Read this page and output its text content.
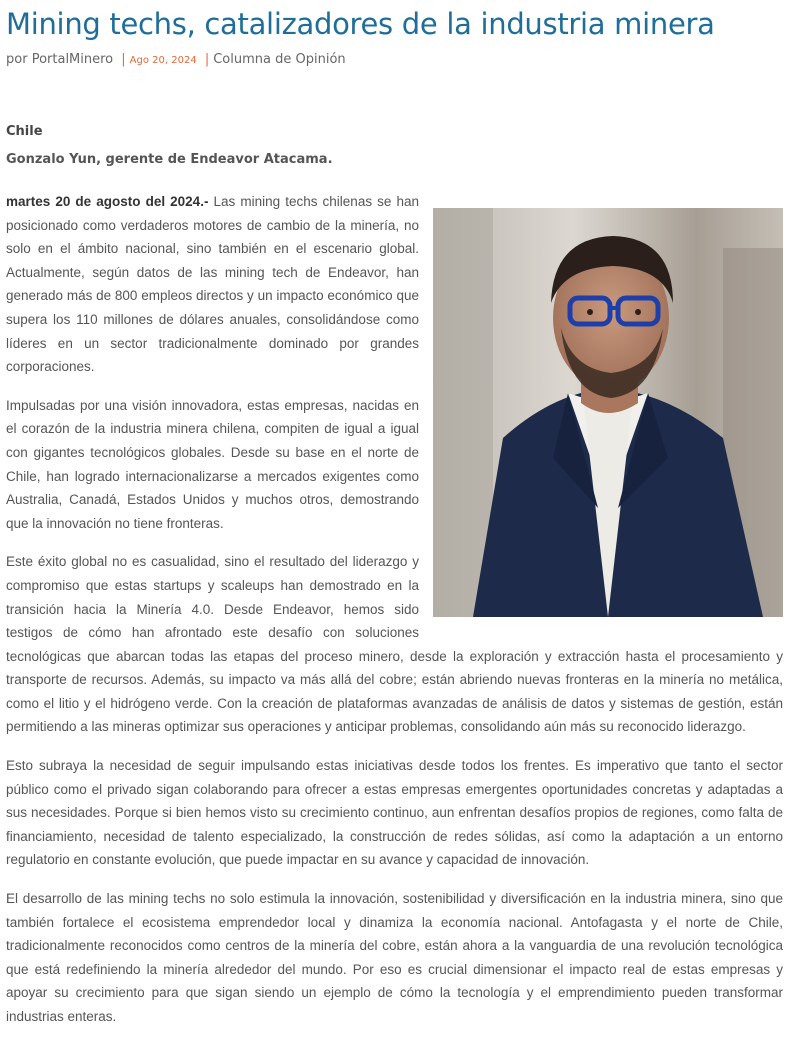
Mining techs, catalizadores de la industria minera
por PortalMinero | Ago 20, 2024 | Columna de Opinión
Chile
Gonzalo Yun, gerente de Endeavor Atacama.

martes 20 de agosto del 2024.- Las mining techs chilenas se han posicionado como verdaderos motores de cambio de la minería, no solo en el ámbito nacional, sino también en el escenario global. Actualmente, según datos de las mining tech de Endeavor, han generado más de 800 empleos directos y un impacto económico que supera los 110 millones de dólares anuales, consolidándose como líderes en un sector tradicionalmente dominado por grandes corporaciones.

Impulsadas por una visión innovadora, estas empresas, nacidas en el corazón de la industria minera chilena, compiten de igual a igual con gigantes tecnológicos globales. Desde su base en el norte de Chile, han logrado internacionalizarse a mercados exigentes como Australia, Canadá, Estados Unidos y muchos otros, demostrando que la innovación no tiene fronteras.

Este éxito global no es casualidad, sino el resultado del liderazgo y compromiso que estas startups y scaleups han demostrado en la transición hacia la Minería 4.0. Desde Endeavor, hemos sido testigos de cómo han afrontado este desafío con soluciones tecnológicas que abarcan todas las etapas del proceso minero, desde la exploración y extracción hasta el procesamiento y transporte de recursos. Además, su impacto va más allá del cobre; están abriendo nuevas fronteras en la minería no metálica, como el litio y el hidrógeno verde. Con la creación de plataformas avanzadas de análisis de datos y sistemas de gestión, están permitiendo a las mineras optimizar sus operaciones y anticipar problemas, consolidando aún más su reconocido liderazgo.

Esto subraya la necesidad de seguir impulsando estas iniciativas desde todos los frentes. Es imperativo que tanto el sector público como el privado sigan colaborando para ofrecer a estas empresas emergentes oportunidades concretas y adaptadas a sus necesidades. Porque si bien hemos visto su crecimiento continuo, aun enfrentan desafíos propios de regiones, como falta de financiamiento, necesidad de talento especializado, la construcción de redes sólidas, así como la adaptación a un entorno regulatorio en constante evolución, que puede impactar en su avance y capacidad de innovación.

El desarrollo de las mining techs no solo estimula la innovación, sostenibilidad y diversificación en la industria minera, sino que también fortalece el ecosistema emprendedor local y dinamiza la economía nacional. Antofagasta y el norte de Chile, tradicionalmente reconocidos como centros de la minería del cobre, están ahora a la vanguardia de una revolución tecnológica que está redefiniendo la minería alrededor del mundo. Por eso es crucial dimensionar el impacto real de estas empresas y apoyar su crecimiento para que sigan siendo un ejemplo de cómo la tecnología y el emprendimiento pueden transformar industrias enteras.
